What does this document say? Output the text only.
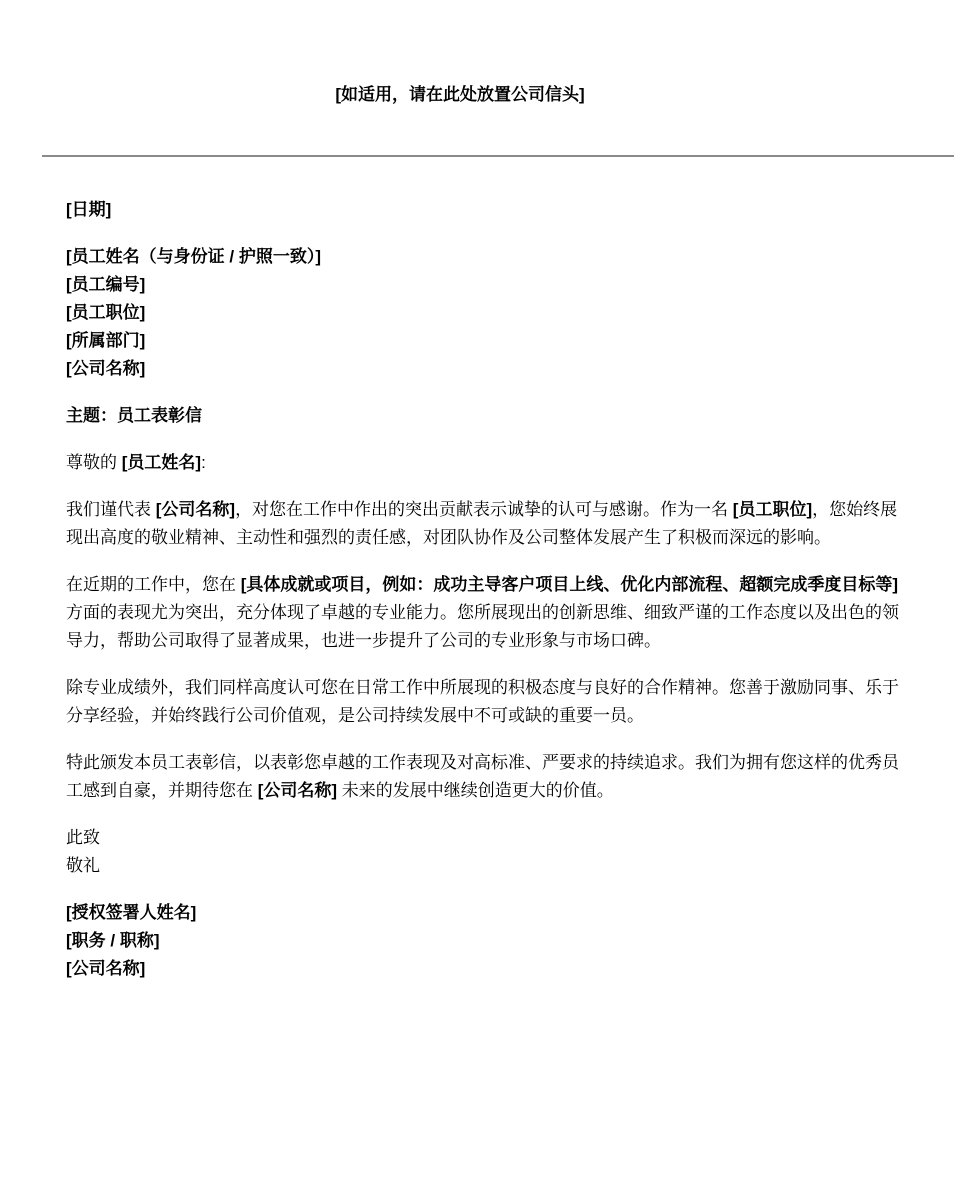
[如适用，请在此处放置公司信头]

[日期]

[员工姓名（与身份证 / 护照一致）]
[员工编号]
[员工职位]
[所属部门]
[公司名称]

主题：员工表彰信

尊敬的 [员工姓名]:

我们谨代表 [公司名称]，对您在工作中作出的突出贡献表示诚挚的认可与感谢。作为一名 [员工职位]，您始终展现出高度的敬业精神、主动性和强烈的责任感，对团队协作及公司整体发展产生了积极而深远的影响。

在近期的工作中，您在 [具体成就或项目，例如：成功主导客户项目上线、优化内部流程、超额完成季度目标等] 方面的表现尤为突出，充分体现了卓越的专业能力。您所展现出的创新思维、细致严谨的工作态度以及出色的领导力，帮助公司取得了显著成果，也进一步提升了公司的专业形象与市场口碑。

除专业成绩外，我们同样高度认可您在日常工作中所展现的积极态度与良好的合作精神。您善于激励同事、乐于分享经验，并始终践行公司价值观，是公司持续发展中不可或缺的重要一员。

特此颁发本员工表彰信，以表彰您卓越的工作表现及对高标准、严要求的持续追求。我们为拥有您这样的优秀员工感到自豪，并期待您在 [公司名称] 未来的发展中继续创造更大的价值。

此致
敬礼

[授权签署人姓名]
[职务 / 职称]
[公司名称]
